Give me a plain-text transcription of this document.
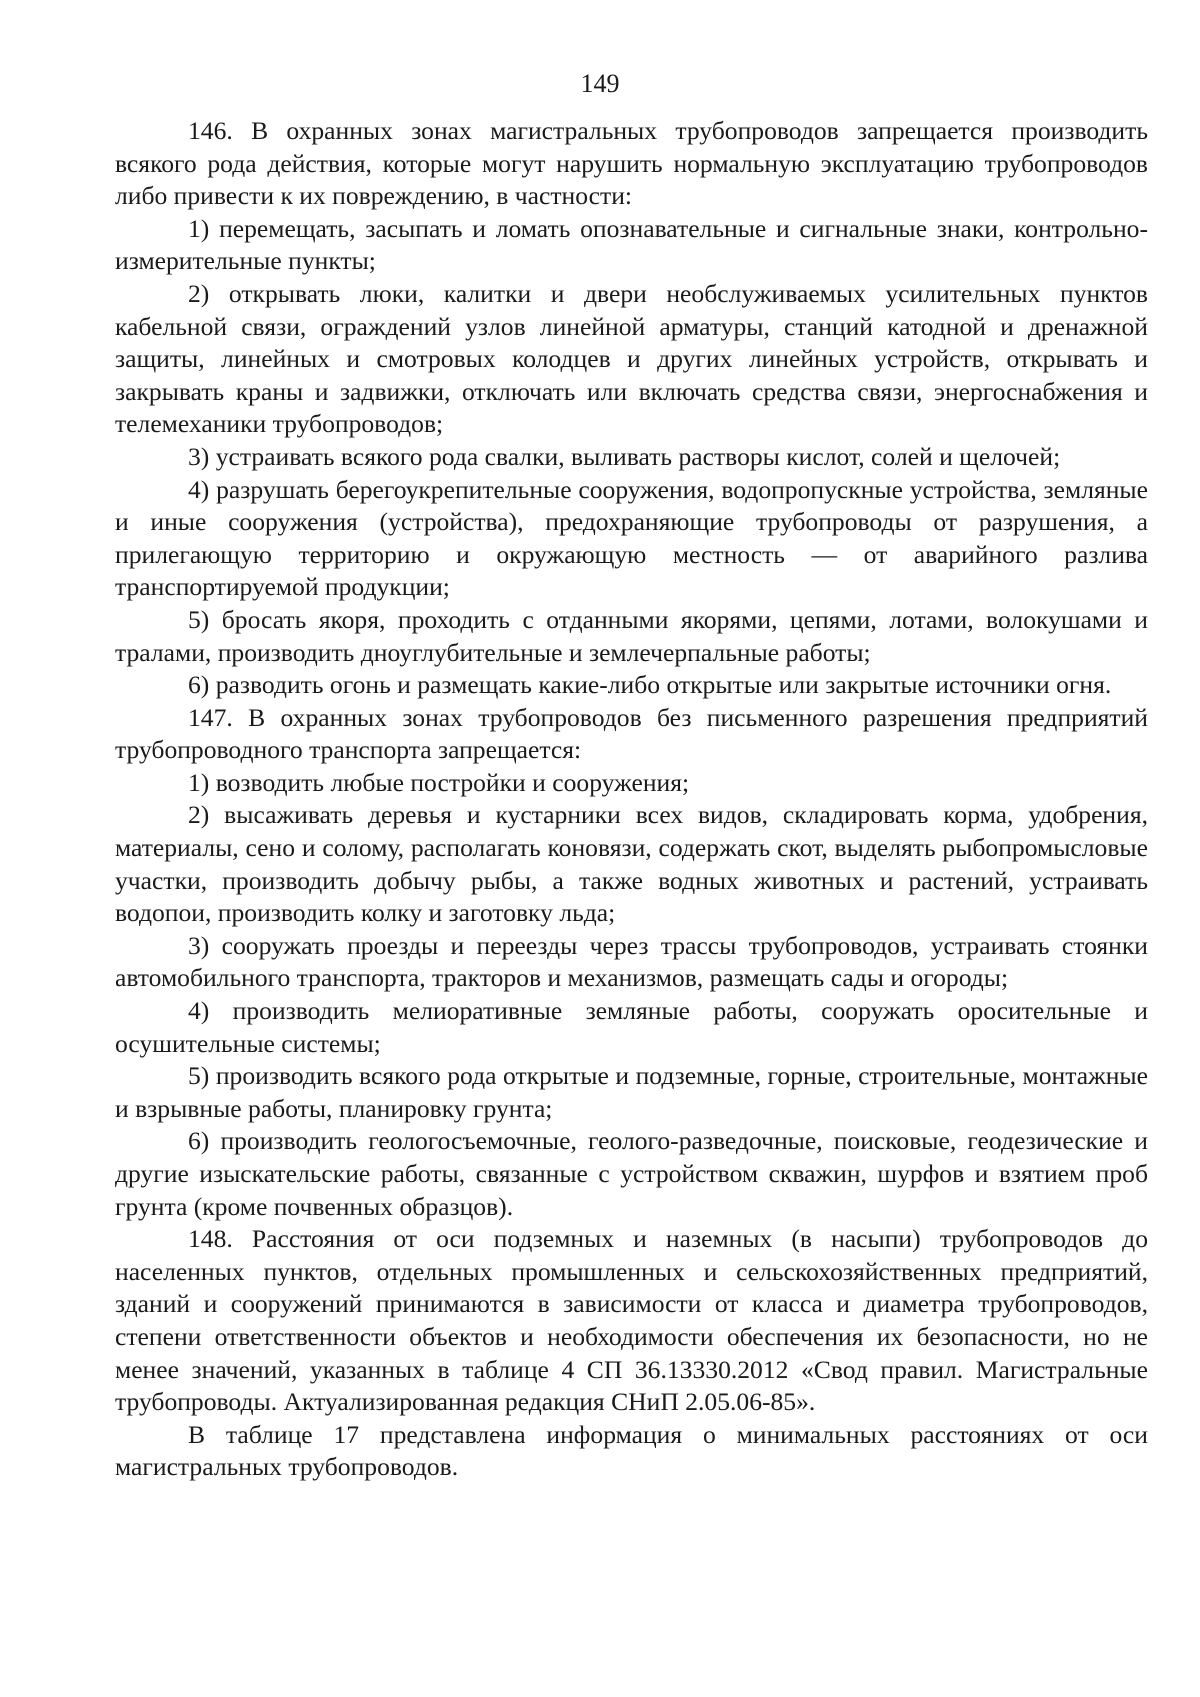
149

146. В охранных зонах магистральных трубопроводов запрещается производить всякого рода действия, которые могут нарушить нормальную эксплуатацию трубопроводов либо привести к их повреждению, в частности:

1) перемещать, засыпать и ломать опознавательные и сигнальные знаки, контрольно-измерительные пункты;

2) открывать люки, калитки и двери необслуживаемых усилительных пунктов кабельной связи, ограждений узлов линейной арматуры, станций катодной и дренажной защиты, линейных и смотровых колодцев и других линейных устройств, открывать и закрывать краны и задвижки, отключать или включать средства связи, энергоснабжения и телемеханики трубопроводов;

3) устраивать всякого рода свалки, выливать растворы кислот, солей и щелочей;

4) разрушать берегоукрепительные сооружения, водопропускные устройства, земляные и иные сооружения (устройства), предохраняющие трубопроводы от разрушения, а прилегающую территорию и окружающую местность — от аварийного разлива транспортируемой продукции;

5) бросать якоря, проходить с отданными якорями, цепями, лотами, волокушами и тралами, производить дноуглубительные и землечерпальные работы;

6) разводить огонь и размещать какие-либо открытые или закрытые источники огня.

147. В охранных зонах трубопроводов без письменного разрешения предприятий трубопроводного транспорта запрещается:

1) возводить любые постройки и сооружения;

2) высаживать деревья и кустарники всех видов, складировать корма, удобрения, материалы, сено и солому, располагать коновязи, содержать скот, выделять рыбопромысловые участки, производить добычу рыбы, а также водных животных и растений, устраивать водопои, производить колку и заготовку льда;

3) сооружать проезды и переезды через трассы трубопроводов, устраивать стоянки автомобильного транспорта, тракторов и механизмов, размещать сады и огороды;

4) производить мелиоративные земляные работы, сооружать оросительные и осушительные системы;

5) производить всякого рода открытые и подземные, горные, строительные, монтажные и взрывные работы, планировку грунта;

6) производить геологосъемочные, геолого-разведочные, поисковые, геодезические и другие изыскательские работы, связанные с устройством скважин, шурфов и взятием проб грунта (кроме почвенных образцов).

148. Расстояния от оси подземных и наземных (в насыпи) трубопроводов до населенных пунктов, отдельных промышленных и сельскохозяйственных предприятий, зданий и сооружений принимаются в зависимости от класса и диаметра трубопроводов, степени ответственности объектов и необходимости обеспечения их безопасности, но не менее значений, указанных в таблице 4 СП 36.13330.2012 «Свод правил. Магистральные трубопроводы. Актуализированная редакция СНиП 2.05.06-85».

В таблице 17 представлена информация о минимальных расстояниях от оси магистральных трубопроводов.
